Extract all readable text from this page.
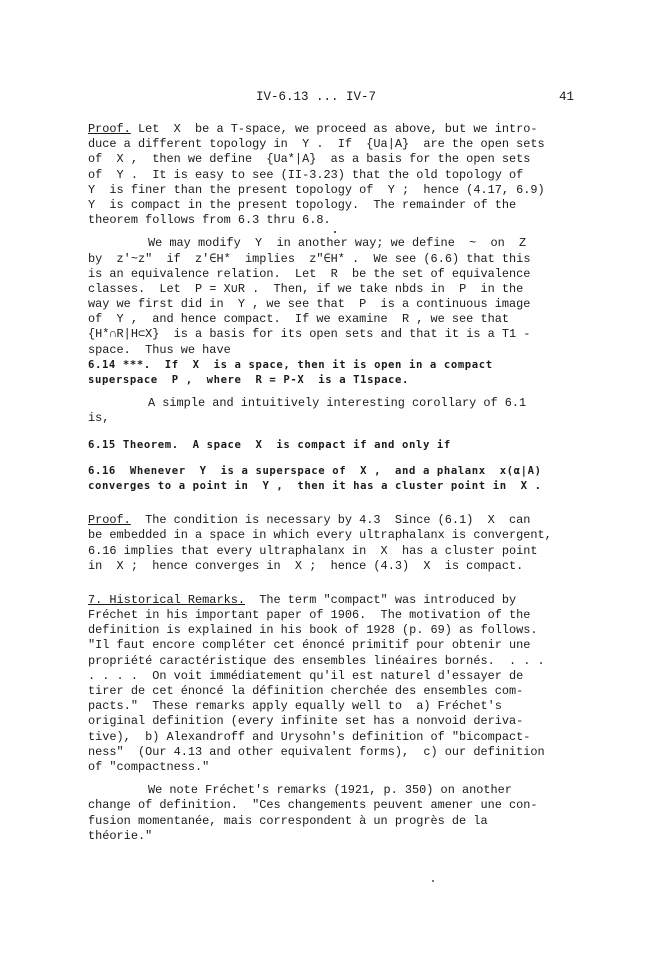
IV-6.13 ... IV-7	41
Proof. Let  X  be a T-space, we proceed as above, but we intro-
duce a different topology in  Y .  If  {Ua|A}  are the open sets
of  X ,  then we define  {Ua*|A}  as a basis for the open sets
of  Y .  It is easy to see (II-3.23) that the old topology of
Y  is finer than the present topology of  Y ;  hence (4.17, 6.9)
Y  is compact in the present topology.  The remainder of the
theorem follows from 6.3 thru 6.8.
We may modify  Y  in another way; we define  ~  on  Z
by  z'~z"  if  z'∈H*  implies  z"∈H* .  We see (6.6) that this
is an equivalence relation.  Let  R  be the set of equivalence
classes.  Let  P = X∪R .  Then, if we take nbds in  P  in the
way we first did in  Y , we see that  P  is a continuous image
of  Y ,  and hence compact.  If we examine  R , we see that
{H*∩R|H⊂X}  is a basis for its open sets and that it is a T1 -
space.  Thus we have
6.14 ***.  If  X  is a space, then it is open in a compact
superspace  P ,  where  R = P-X  is a T1space.
A simple and intuitively interesting corollary of 6.1
is,
6.15 Theorem.  A space  X  is compact if and only if
6.16  Whenever  Y  is a superspace of  X ,  and a phalanx  x(α|A)
converges to a point in  Y ,  then it has a cluster point in  X .
Proof.  The condition is necessary by 4.3  Since (6.1)  X  can
be embedded in a space in which every ultraphalanx is convergent,
6.16 implies that every ultraphalanx in  X  has a cluster point
in  X ;  hence converges in  X ;  hence (4.3)  X  is compact.
7. Historical Remarks.  The term "compact" was introduced by
Fréchet in his important paper of 1906.  The motivation of the
definition is explained in his book of 1928 (p. 69) as follows.
"Il faut encore compléter cet énoncé primitif pour obtenir une
propriété caractéristique des ensembles linéaires bornés.  . . .
. . . .  On voit immédiatement qu'il est naturel d'essayer de
tirer de cet énoncé la définition cherchée des ensembles com-
pacts."  These remarks apply equally well to  a) Fréchet's
original definition (every infinite set has a nonvoid deriva-
tive),  b) Alexandroff and Urysohn's definition of "bicompact-
ness"  (Our 4.13 and other equivalent forms),  c) our definition
of "compactness."
We note Fréchet's remarks (1921, p. 350) on another
change of definition.  "Ces changements peuvent amener une con-
fusion momentanée, mais correspondent à un progrès de la
théorie."
